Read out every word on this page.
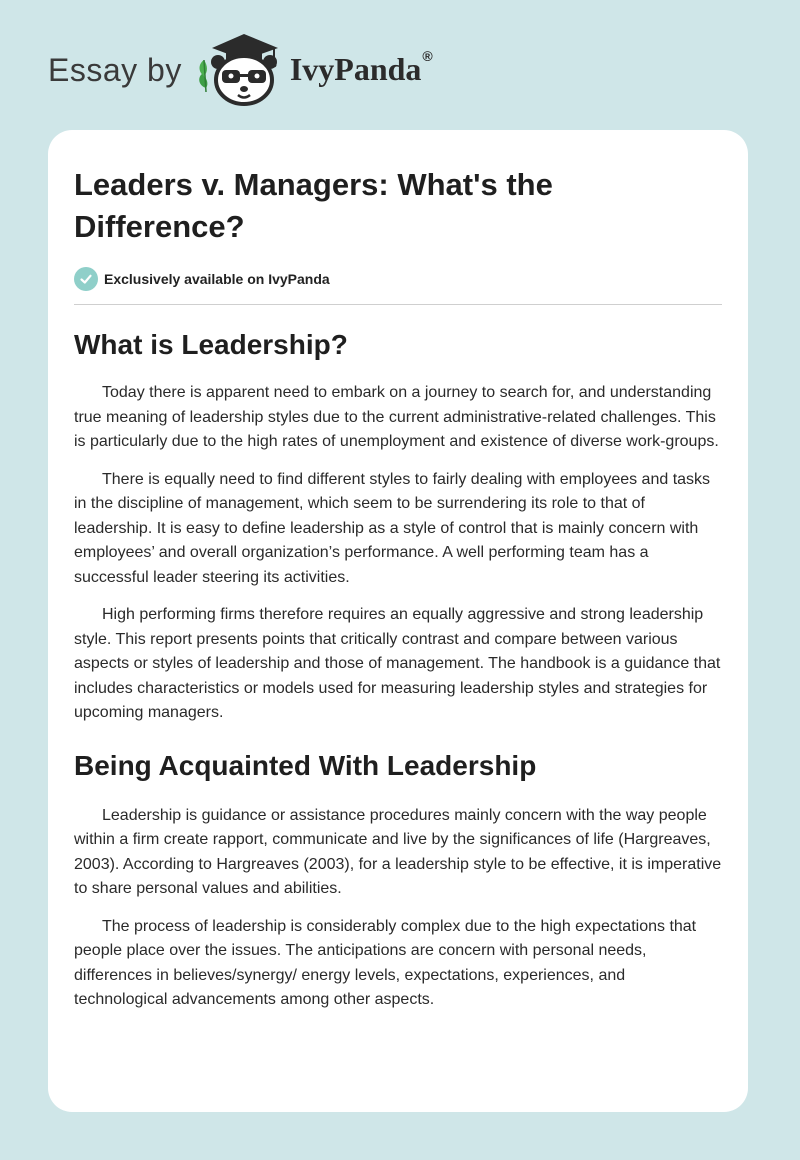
Essay by	IvyPanda ®
Leaders v. Managers: What's the Difference?
Exclusively available on IvyPanda
What is Leadership?

Today there is apparent need to embark on a journey to search for, and understanding true meaning of leadership styles due to the current administrative-related challenges. This is particularly due to the high rates of unemployment and existence of diverse work-groups.

There is equally need to find different styles to fairly dealing with employees and tasks in the discipline of management, which seem to be surrendering its role to that of leadership. It is easy to define leadership as a style of control that is mainly concern with employees’ and overall organization’s performance. A well performing team has a successful leader steering its activities.

High performing firms therefore requires an equally aggressive and strong leadership style. This report presents points that critically contrast and compare between various aspects or styles of leadership and those of management. The handbook is a guidance that includes characteristics or models used for measuring leadership styles and strategies for upcoming managers.

Being Acquainted With Leadership

Leadership is guidance or assistance procedures mainly concern with the way people within a firm create rapport, communicate and live by the significances of life (Hargreaves, 2003). According to Hargreaves (2003), for a leadership style to be effective, it is imperative to share personal values and abilities.

The process of leadership is considerably complex due to the high expectations that people place over the issues. The anticipations are concern with personal needs, differences in believes/synergy/ energy levels, expectations, experiences, and technological advancements among other aspects.
